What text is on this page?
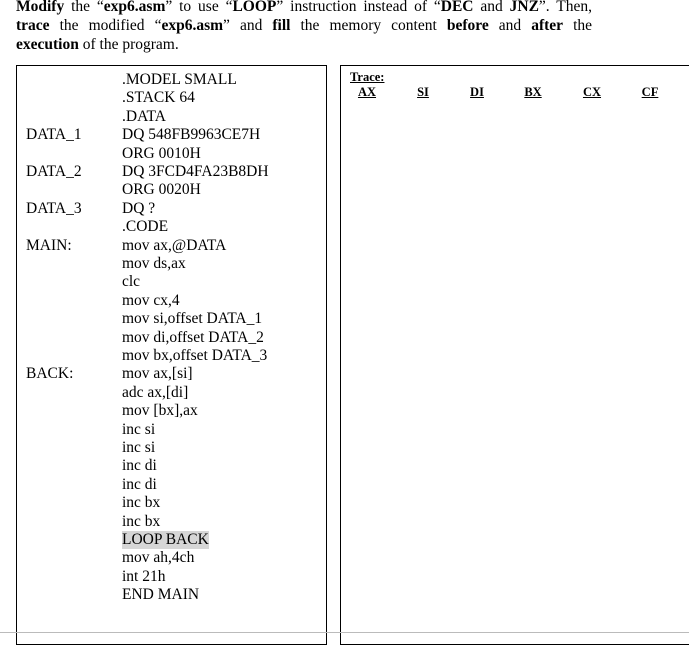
Modify the “exp6.asm” to use “LOOP” instruction instead of “DEC and JNZ”. Then,
trace the modified “exp6.asm” and fill the memory content before and after the
execution of the program.
.MODEL SMALL
.STACK 64
.DATA
DATA_1	DQ 548FB9963CE7H
ORG 0010H
DATA_2	DQ 3FCD4FA23B8DH
ORG 0020H
DATA_3	DQ ?
.CODE
MAIN:	mov ax,@DATA
mov ds,ax
clc
mov cx,4
mov si,offset DATA_1
mov di,offset DATA_2
mov bx,offset DATA_3
BACK:	mov ax,[si]
adc ax,[di]
mov [bx],ax
inc si
inc si
inc di
inc di
inc bx
inc bx
LOOP BACK
mov ah,4ch
int 21h
END MAIN
Trace:
AX	SI	DI	BX	CX	CF
